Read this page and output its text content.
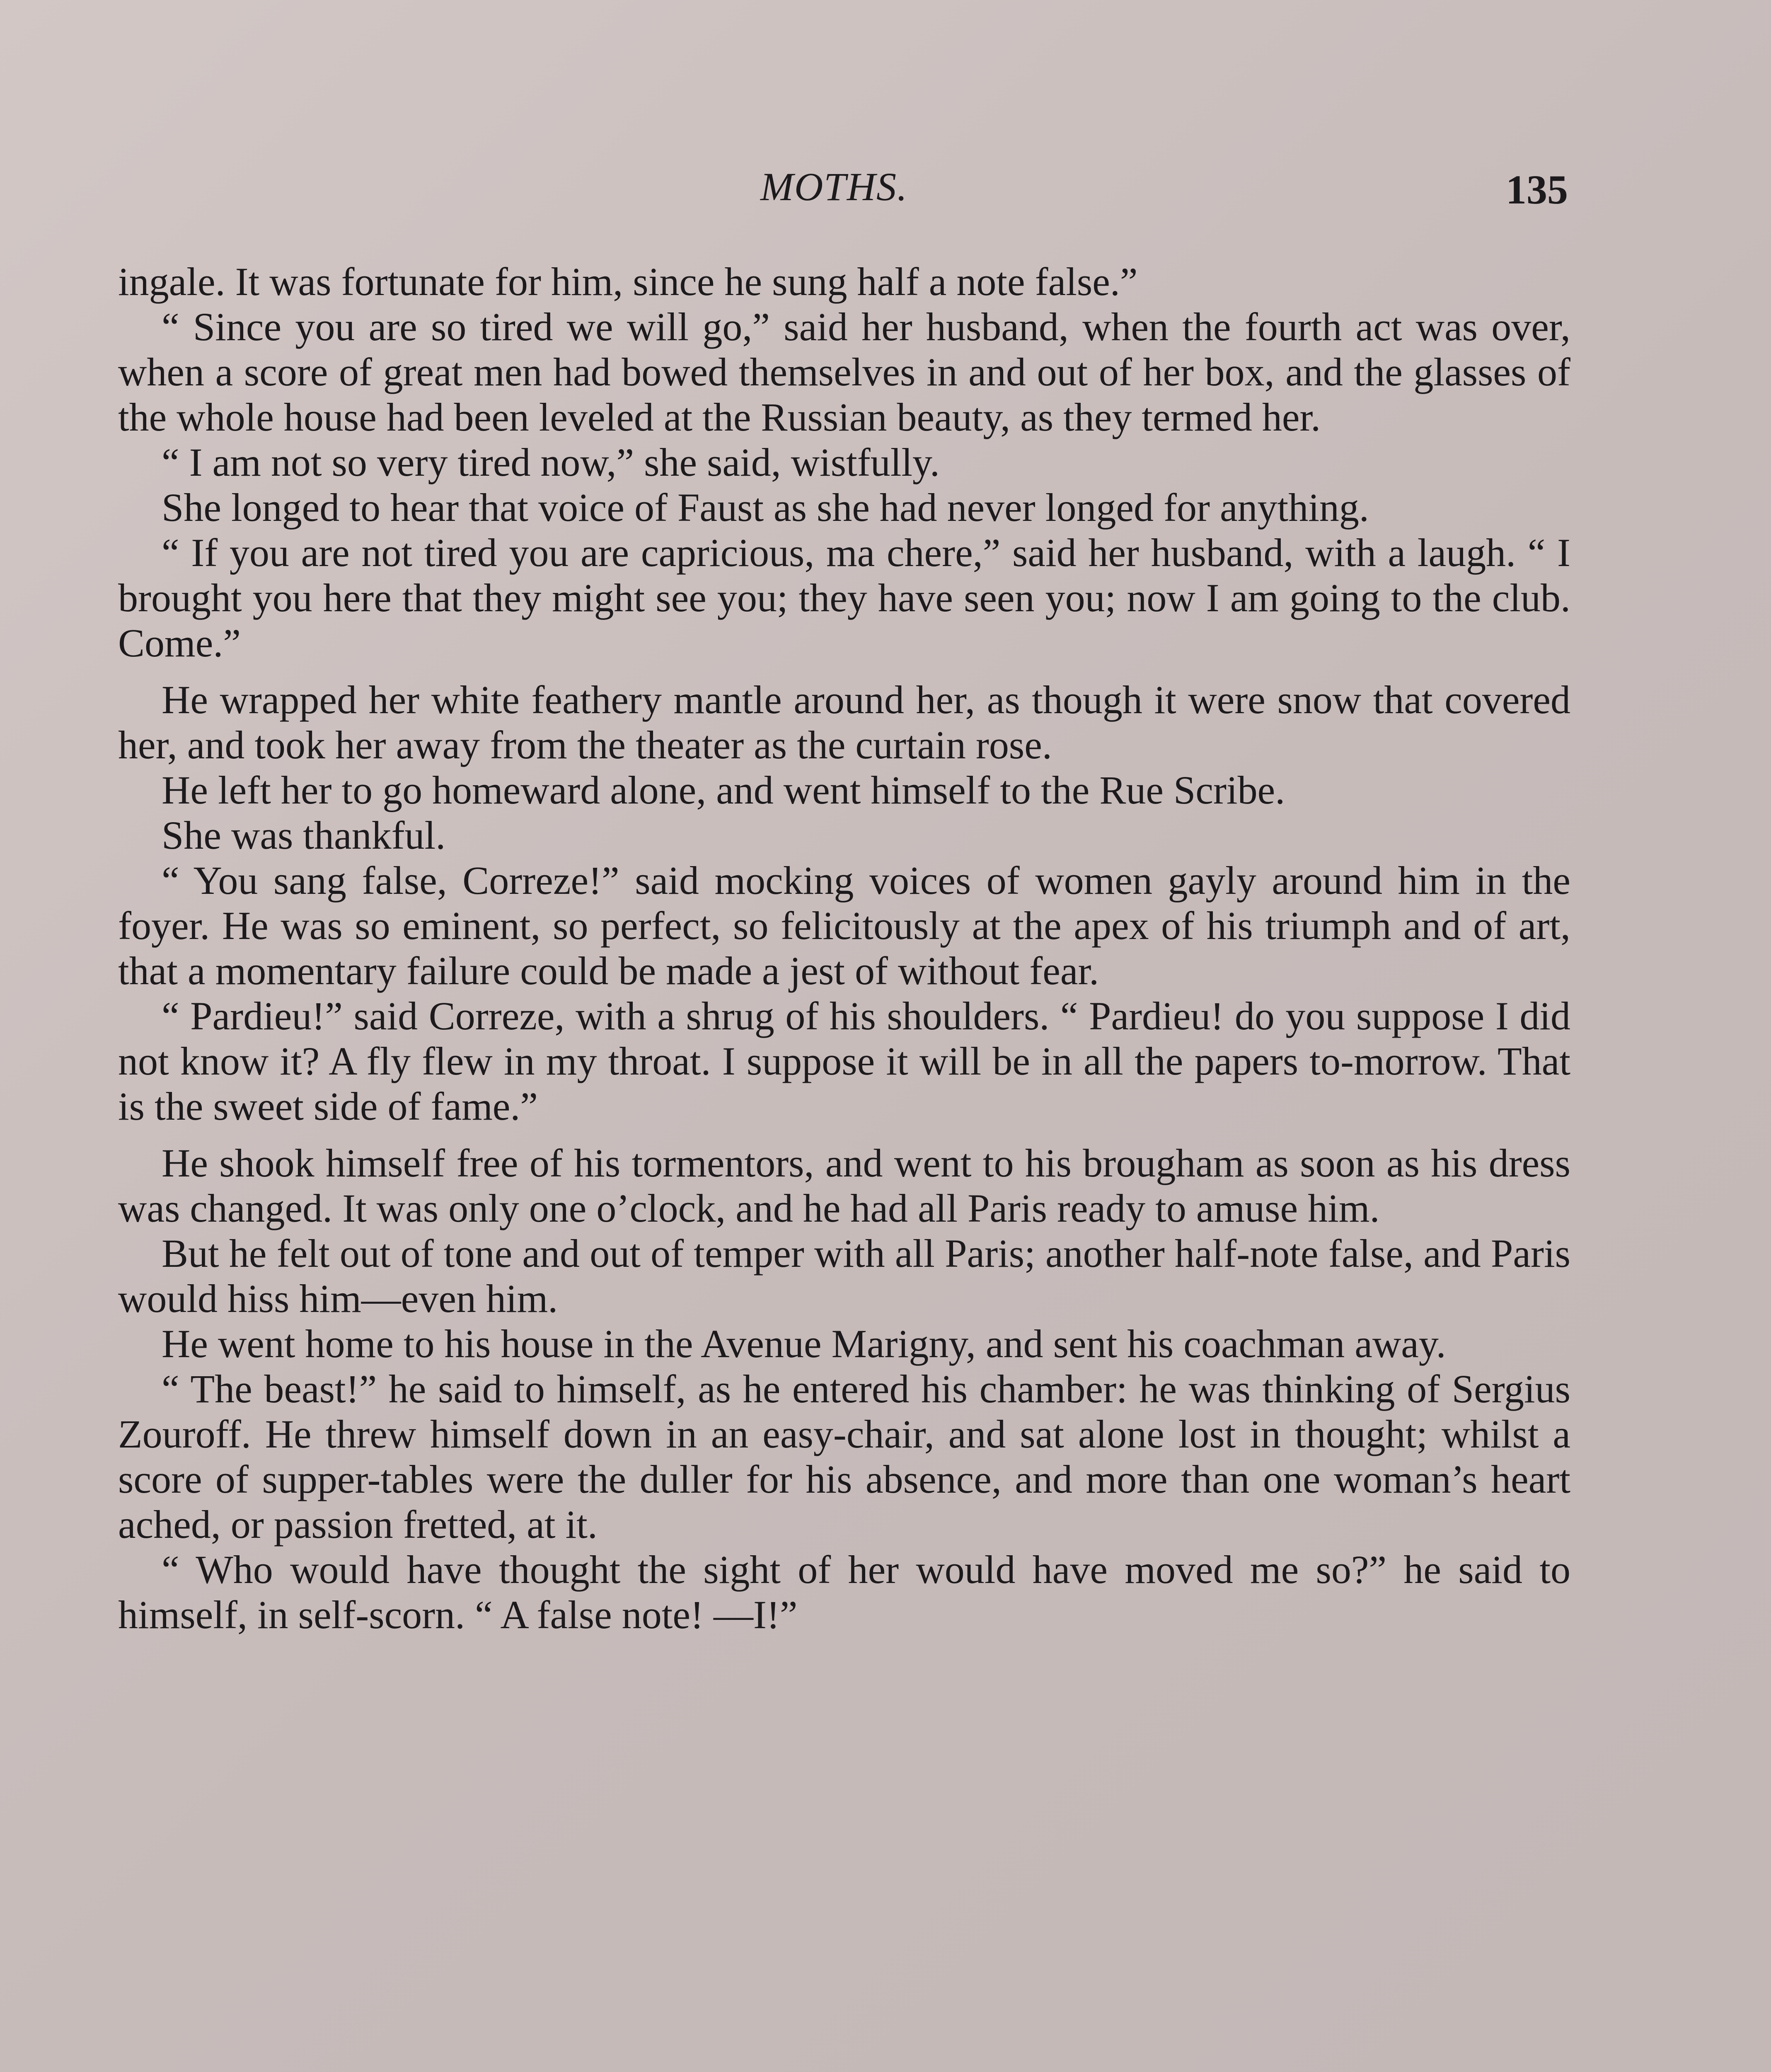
MOTHS.	135

ingale. It was fortunate for him, since he sung half a note false.”

“ Since you are so tired we will go,” said her husband, when the fourth act was over, when a score of great men had bowed themselves in and out of her box, and the glasses of the whole house had been leveled at the Russian beauty, as they termed her.

“ I am not so very tired now,” she said, wistfully.

She longed to hear that voice of Faust as she had never longed for anything.

“ If you are not tired you are capricious, ma chere,” said her husband, with a laugh. “ I brought you here that they might see you; they have seen you; now I am going to the club. Come.”

He wrapped her white feathery mantle around her, as though it were snow that covered her, and took her away from the theater as the curtain rose.

He left her to go homeward alone, and went himself to the Rue Scribe.

She was thankful.

“ You sang false, Correze!” said mocking voices of women gayly around him in the foyer. He was so eminent, so perfect, so felicitously at the apex of his triumph and of art, that a momentary failure could be made a jest of without fear.

“ Pardieu!” said Correze, with a shrug of his shoulders. “ Pardieu! do you suppose I did not know it? A fly flew in my throat. I suppose it will be in all the papers to-morrow. That is the sweet side of fame.”

He shook himself free of his tormentors, and went to his brougham as soon as his dress was changed. It was only one o’clock, and he had all Paris ready to amuse him.

But he felt out of tone and out of temper with all Paris; another half-note false, and Paris would hiss him—even him.

He went home to his house in the Avenue Marigny, and sent his coachman away.

“ The beast!” he said to himself, as he entered his chamber: he was thinking of Sergius Zouroff. He threw himself down in an easy-chair, and sat alone lost in thought; whilst a score of supper-tables were the duller for his absence, and more than one woman’s heart ached, or passion fretted, at it.

“ Who would have thought the sight of her would have moved me so?” he said to himself, in self-scorn. “ A false note! —I!”
